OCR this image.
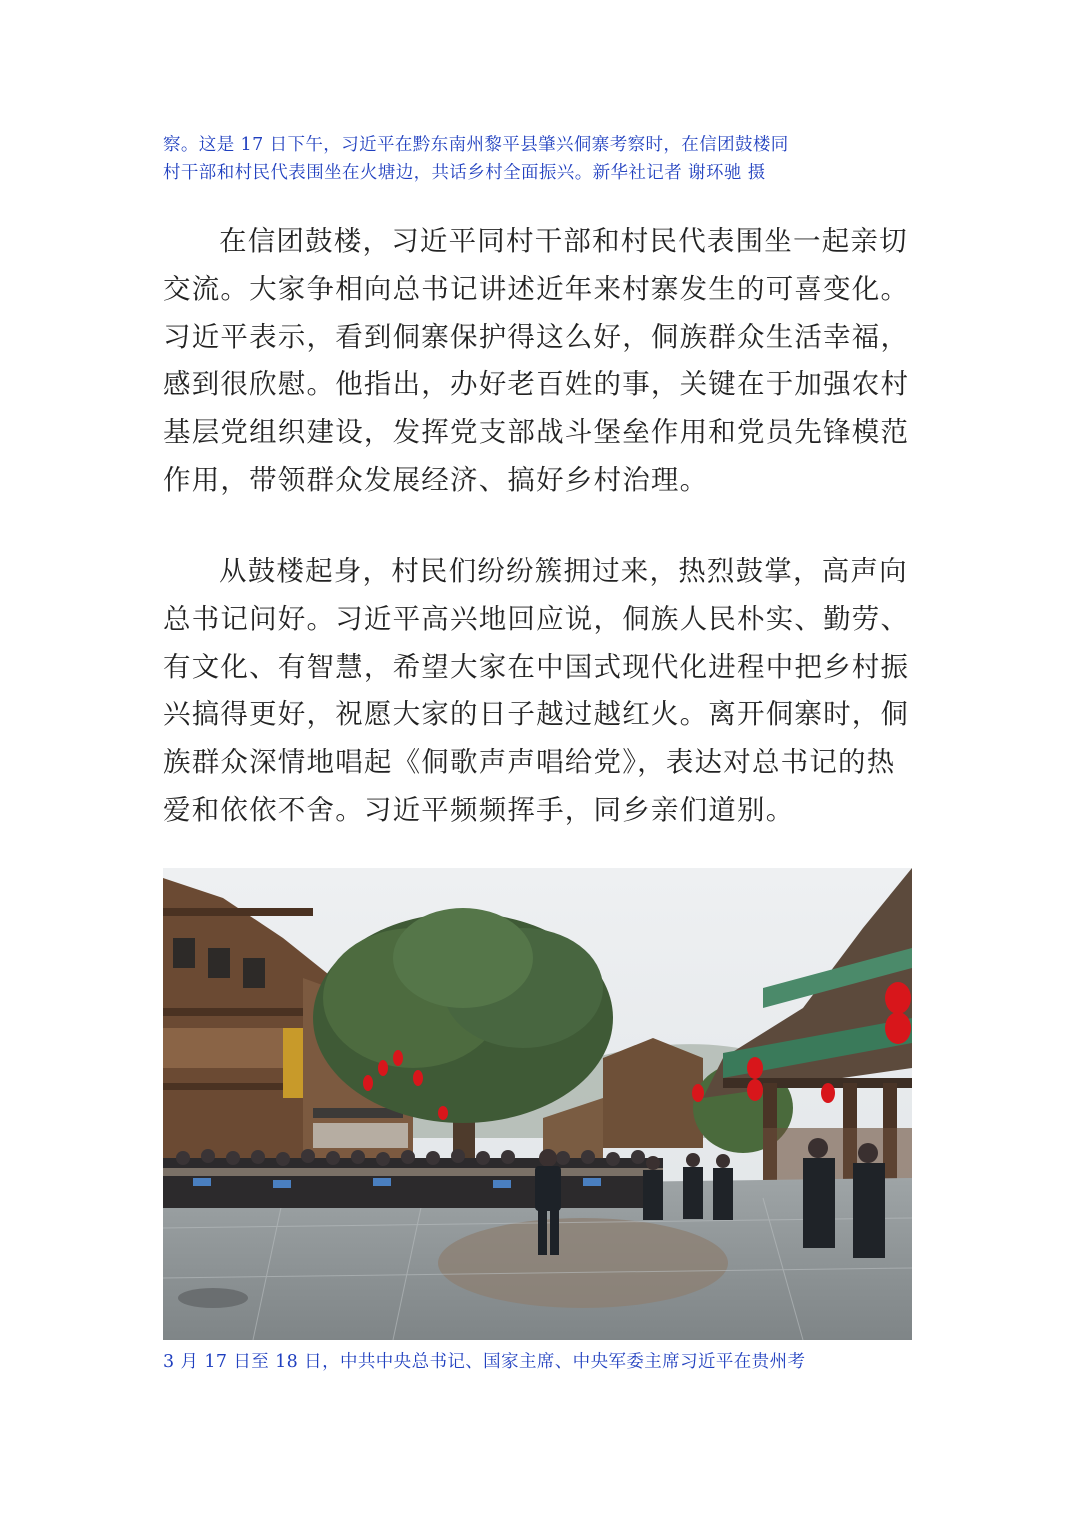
察。这是 17 日下午，习近平在黔东南州黎平县肇兴侗寨考察时，在信团鼓楼同
村干部和村民代表围坐在火塘边，共话乡村全面振兴。新华社记者 谢环驰 摄
在信团鼓楼，习近平同村干部和村民代表围坐一起亲切
交流。大家争相向总书记讲述近年来村寨发生的可喜变化。
习近平表示，看到侗寨保护得这么好，侗族群众生活幸福，
感到很欣慰。他指出，办好老百姓的事，关键在于加强农村
基层党组织建设，发挥党支部战斗堡垒作用和党员先锋模范
作用，带领群众发展经济、搞好乡村治理。
从鼓楼起身，村民们纷纷簇拥过来，热烈鼓掌，高声向
总书记问好。习近平高兴地回应说，侗族人民朴实、勤劳、
有文化、有智慧，希望大家在中国式现代化进程中把乡村振
兴搞得更好，祝愿大家的日子越过越红火。离开侗寨时，侗
族群众深情地唱起《侗歌声声唱给党》，表达对总书记的热
爱和依依不舍。习近平频频挥手，同乡亲们道别。
3 月 17 日至 18 日，中共中央总书记、国家主席、中央军委主席习近平在贵州考
